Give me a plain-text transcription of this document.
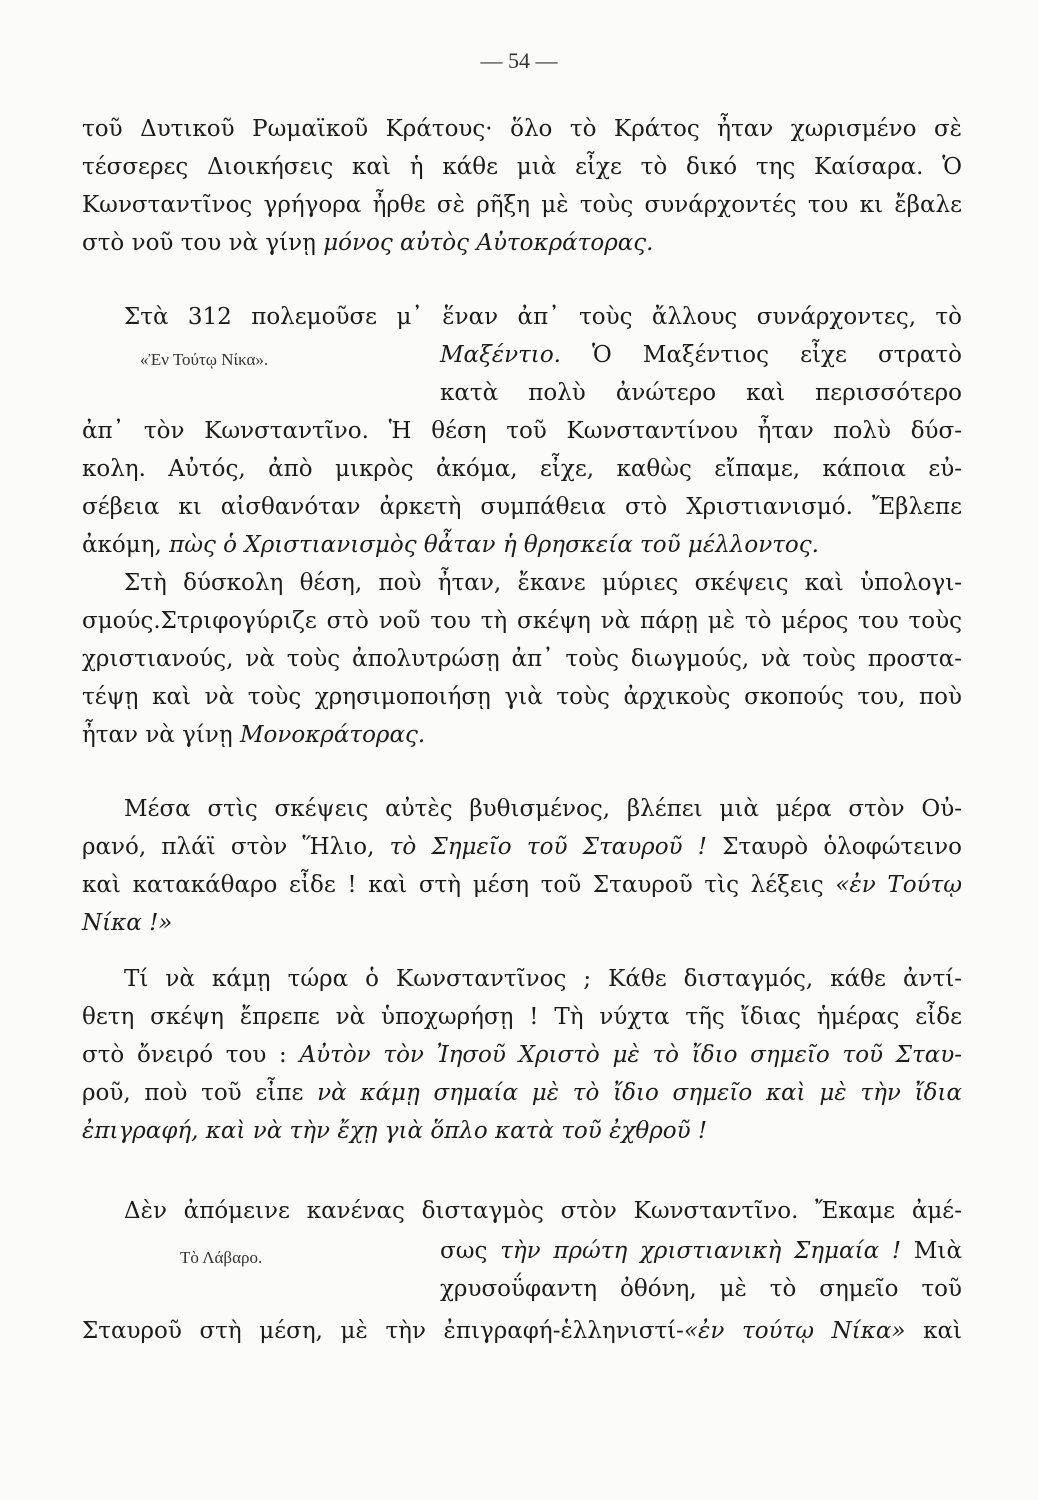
— 54 —
τοῦ Δυτικοῦ Ρωμαϊκοῦ Κράτους· ὅλο τὸ Κράτος ἦταν χωρισμένο σὲ
τέσσερες Διοικήσεις καὶ ἡ κάθε μιὰ εἶχε τὸ δικό της Καίσαρα. Ὁ
Κωνσταντῖνος γρήγορα ἦρθε σὲ ρῆξη μὲ τοὺς συνάρχοντές του κι ἔβαλε
στὸ νοῦ του νὰ γίνῃ μόνος αὐτὸς Αὐτοκράτορας.
Στὰ 312 πολεμοῦσε μ᾿ ἕναν ἀπ᾿ τοὺς ἄλλους συνάρχοντες, τὸ
«Ἐν Τούτῳ Νίκα».	Μαξέντιο. Ὁ Μαξέντιος εἶχε στρατὸ
κατὰ πολὺ ἀνώτερο καὶ περισσότερο
ἀπ᾿ τὸν Κωνσταντῖνο. Ἡ θέση τοῦ Κωνσταντίνου ἦταν πολὺ δύσ-
κολη. Αὐτός, ἀπὸ μικρὸς ἀκόμα, εἶχε, καθὼς εἴπαμε, κάποια εὐ-
σέβεια κι αἰσθανόταν ἀρκετὴ συμπάθεια στὸ Χριστιανισμό. Ἔβλεπε
ἀκόμη, πὼς ὁ Χριστιανισμὸς θἆταν ἡ θρησκεία τοῦ μέλλοντος.
Στὴ δύσκολη θέση, ποὺ ἦταν, ἔκανε μύριες σκέψεις καὶ ὑπολογι-
σμούς.Στριφογύριζε στὸ νοῦ του τὴ σκέψη νὰ πάρῃ μὲ τὸ μέρος του τοὺς
χριστιανούς, νὰ τοὺς ἀπολυτρώσῃ ἀπ᾿ τοὺς διωγμούς, νὰ τοὺς προστα-
τέψῃ καὶ νὰ τοὺς χρησιμοποιήσῃ γιὰ τοὺς ἀρχικοὺς σκοπούς του, ποὺ
ἦταν νὰ γίνῃ Μονοκράτορας.
Μέσα στὶς σκέψεις αὐτὲς βυθισμένος, βλέπει μιὰ μέρα στὸν Οὐ-
ρανό, πλάϊ στὸν Ἥλιο, τὸ Σημεῖο τοῦ Σταυροῦ ! Σταυρὸ ὁλοφώτεινο
καὶ κατακάθαρο εἶδε ! καὶ στὴ μέση τοῦ Σταυροῦ τὶς λέξεις «ἐν Τούτῳ
Νίκα !»
Τί νὰ κάμῃ τώρα ὁ Κωνσταντῖνος ; Κάθε δισταγμός, κάθε ἀντί-
θετη σκέψη ἔπρεπε νὰ ὑποχωρήσῃ ! Τὴ νύχτα τῆς ἴδιας ἡμέρας εἶδε
στὸ ὄνειρό του : Αὐτὸν τὸν Ἰησοῦ Χριστὸ μὲ τὸ ἴδιο σημεῖο τοῦ Σταυ-
ροῦ, ποὺ τοῦ εἶπε νὰ κάμῃ σημαία μὲ τὸ ἴδιο σημεῖο καὶ μὲ τὴν ἴδια
ἐπιγραφή, καὶ νὰ τὴν ἔχῃ γιὰ ὅπλο κατὰ τοῦ ἐχθροῦ !
Δὲν ἀπόμεινε κανένας δισταγμὸς στὸν Κωνσταντῖνο. Ἔκαμε ἀμέ-
Τὸ Λάβαρο.	σως τὴν πρώτη χριστιανικὴ Σημαία ! Μιὰ
χρυσοΰφαντη ὀθόνη, μὲ τὸ σημεῖο τοῦ
Σταυροῦ στὴ μέση, μὲ τὴν ἐπιγραφή-ἑλληνιστί-«ἐν τούτῳ Νίκα» καὶ
